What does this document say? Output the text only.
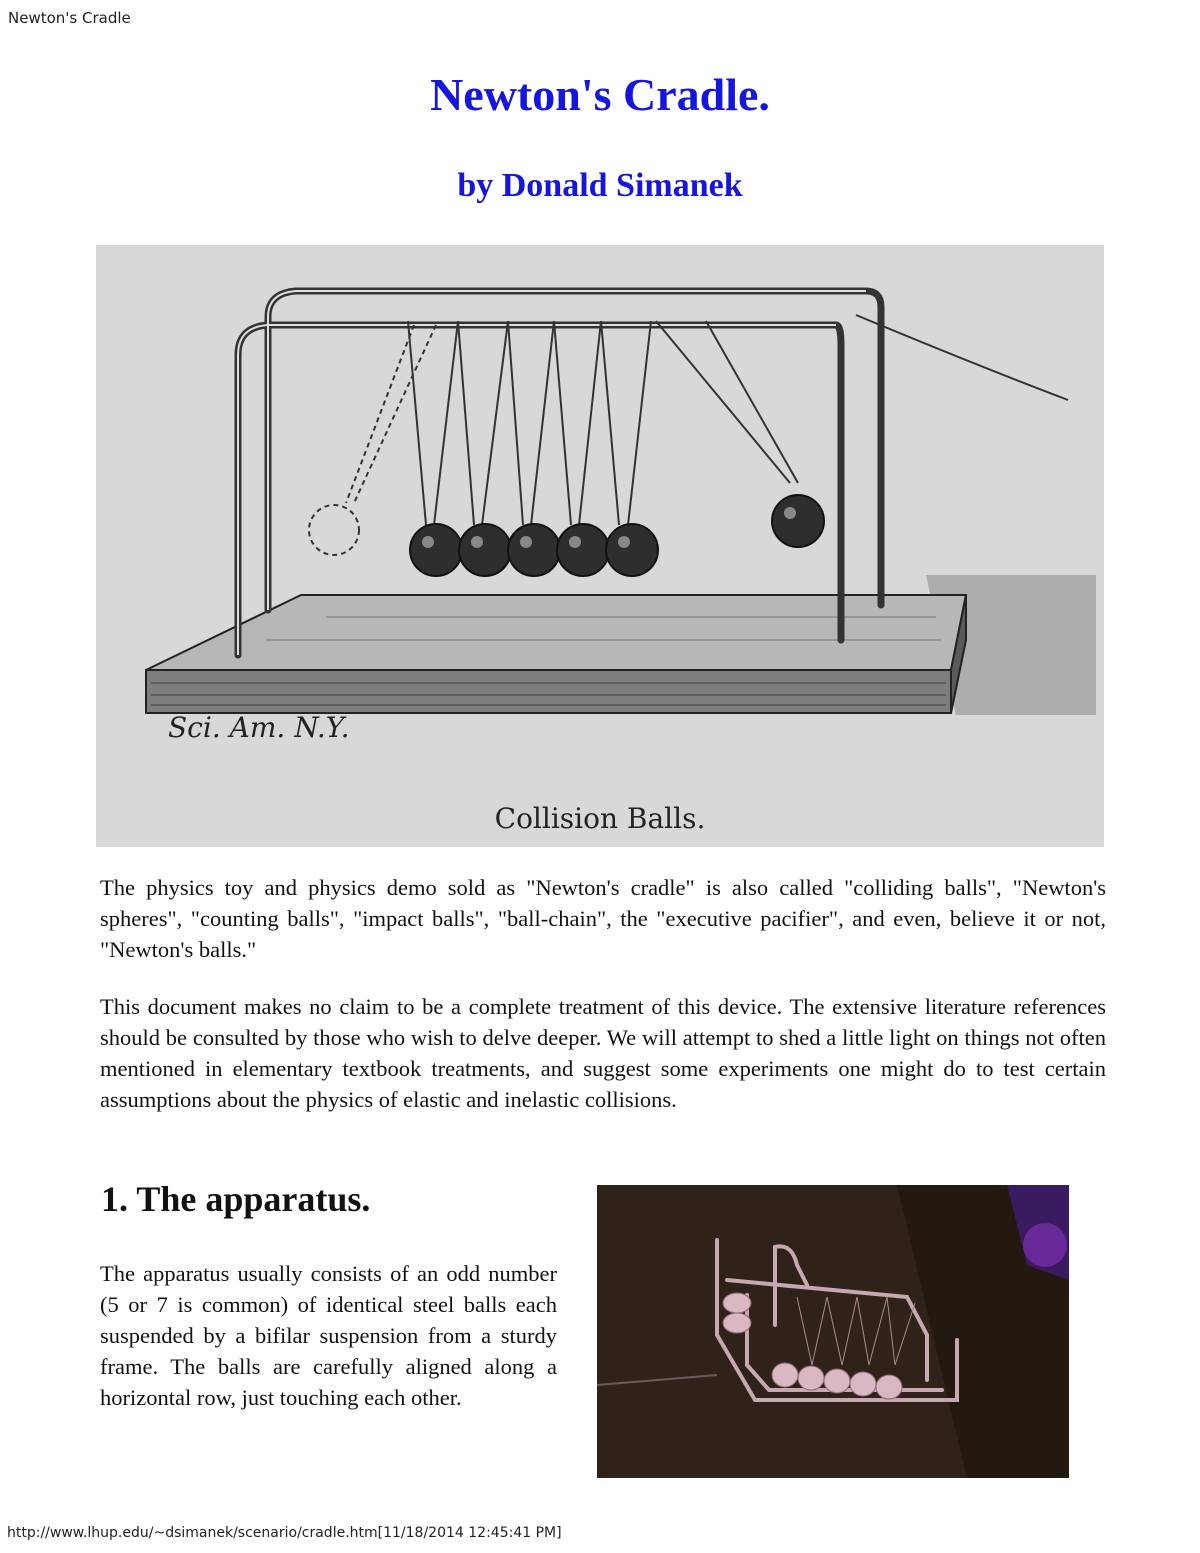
Newton's Cradle
Newton's Cradle.
by Donald Simanek
Sci. Am. N.Y.
Collision Balls.

The physics toy and physics demo sold as "Newton's cradle" is also called "colliding balls", "Newton's spheres", "counting balls", "impact balls", "ball-chain", the "executive pacifier", and even, believe it or not, "Newton's balls."

This document makes no claim to be a complete treatment of this device. The extensive literature references should be consulted by those who wish to delve deeper. We will attempt to shed a little light on things not often mentioned in elementary textbook treatments, and suggest some experiments one might do to test certain assumptions about the physics of elastic and inelastic collisions.

1. The apparatus.

The apparatus usually consists of an odd number (5 or 7 is common) of identical steel balls each suspended by a bifilar suspension from a sturdy frame. The balls are carefully aligned along a horizontal row, just touching each other.

http://www.lhup.edu/~dsimanek/scenario/cradle.htm[11/18/2014 12:45:41 PM]
